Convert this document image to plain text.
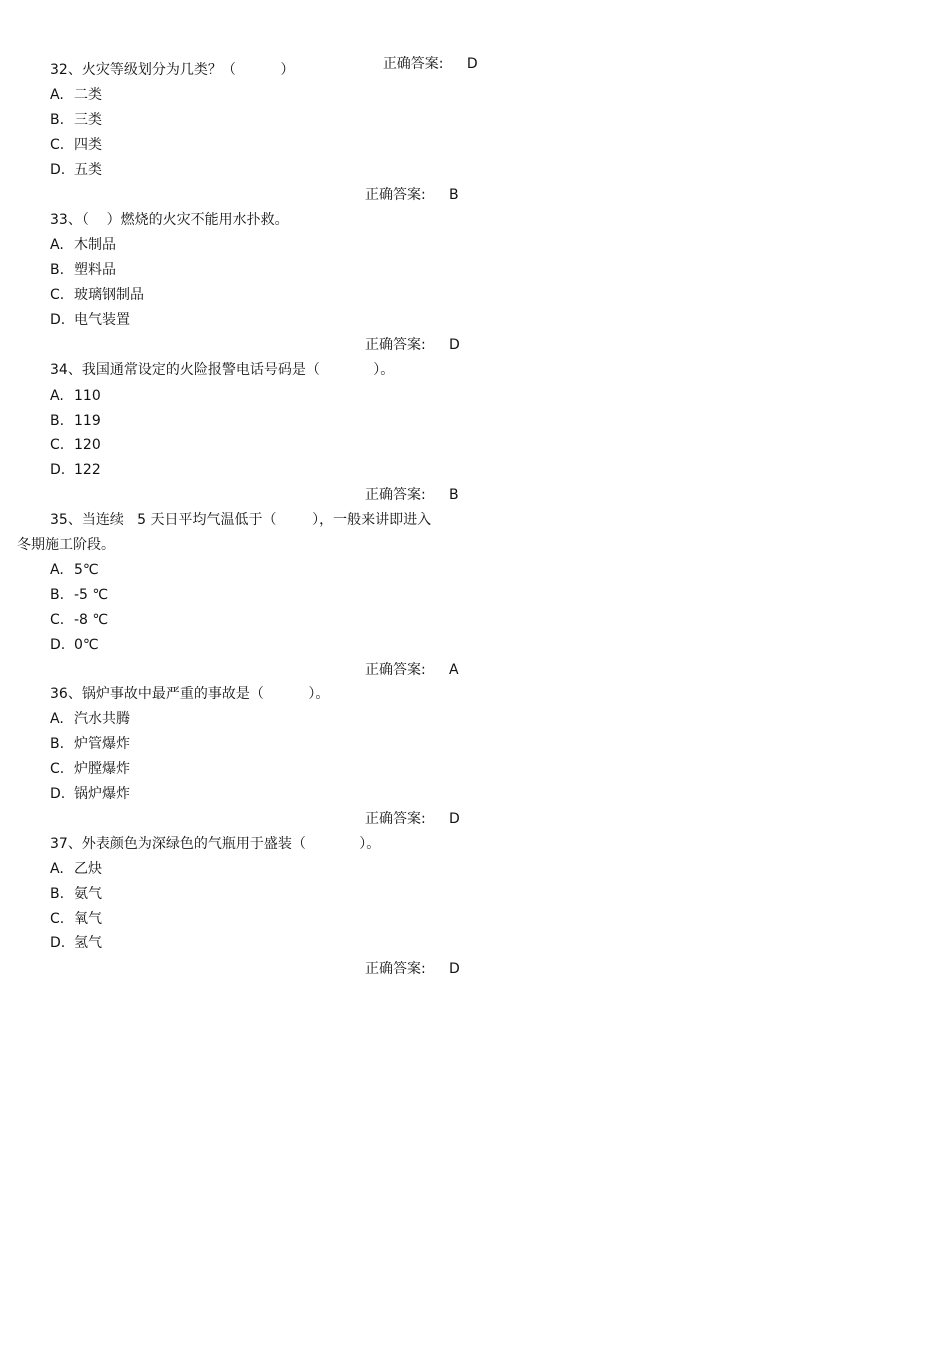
正确答案: D

32、火灾等级划分为几类？（          ）
A. 二类
B. 三类
C. 四类
D. 五类
正确答案: B
33、（    ）燃烧的火灾不能用水扑救。
A. 木制品
B. 塑料品
C. 玻璃钢制品
D. 电气装置
正确答案: D
34、我国通常设定的火险报警电话号码是（            ）。
A. 110
B. 119
C. 120
D. 122
正确答案: B
35、当连续   5 天日平均气温低于（        ），一般来讲即进入
冬期施工阶段。
A. 5℃
B. -5 ℃
C. -8 ℃
D. 0℃
正确答案: A
36、锅炉事故中最严重的事故是（          ）。
A. 汽水共腾
B. 炉管爆炸
C. 炉膛爆炸
D. 锅炉爆炸
正确答案: D
37、外表颜色为深绿色的气瓶用于盛装（            ）。
A. 乙炔
B. 氨气
C. 氧气
D. 氢气
正确答案: D
